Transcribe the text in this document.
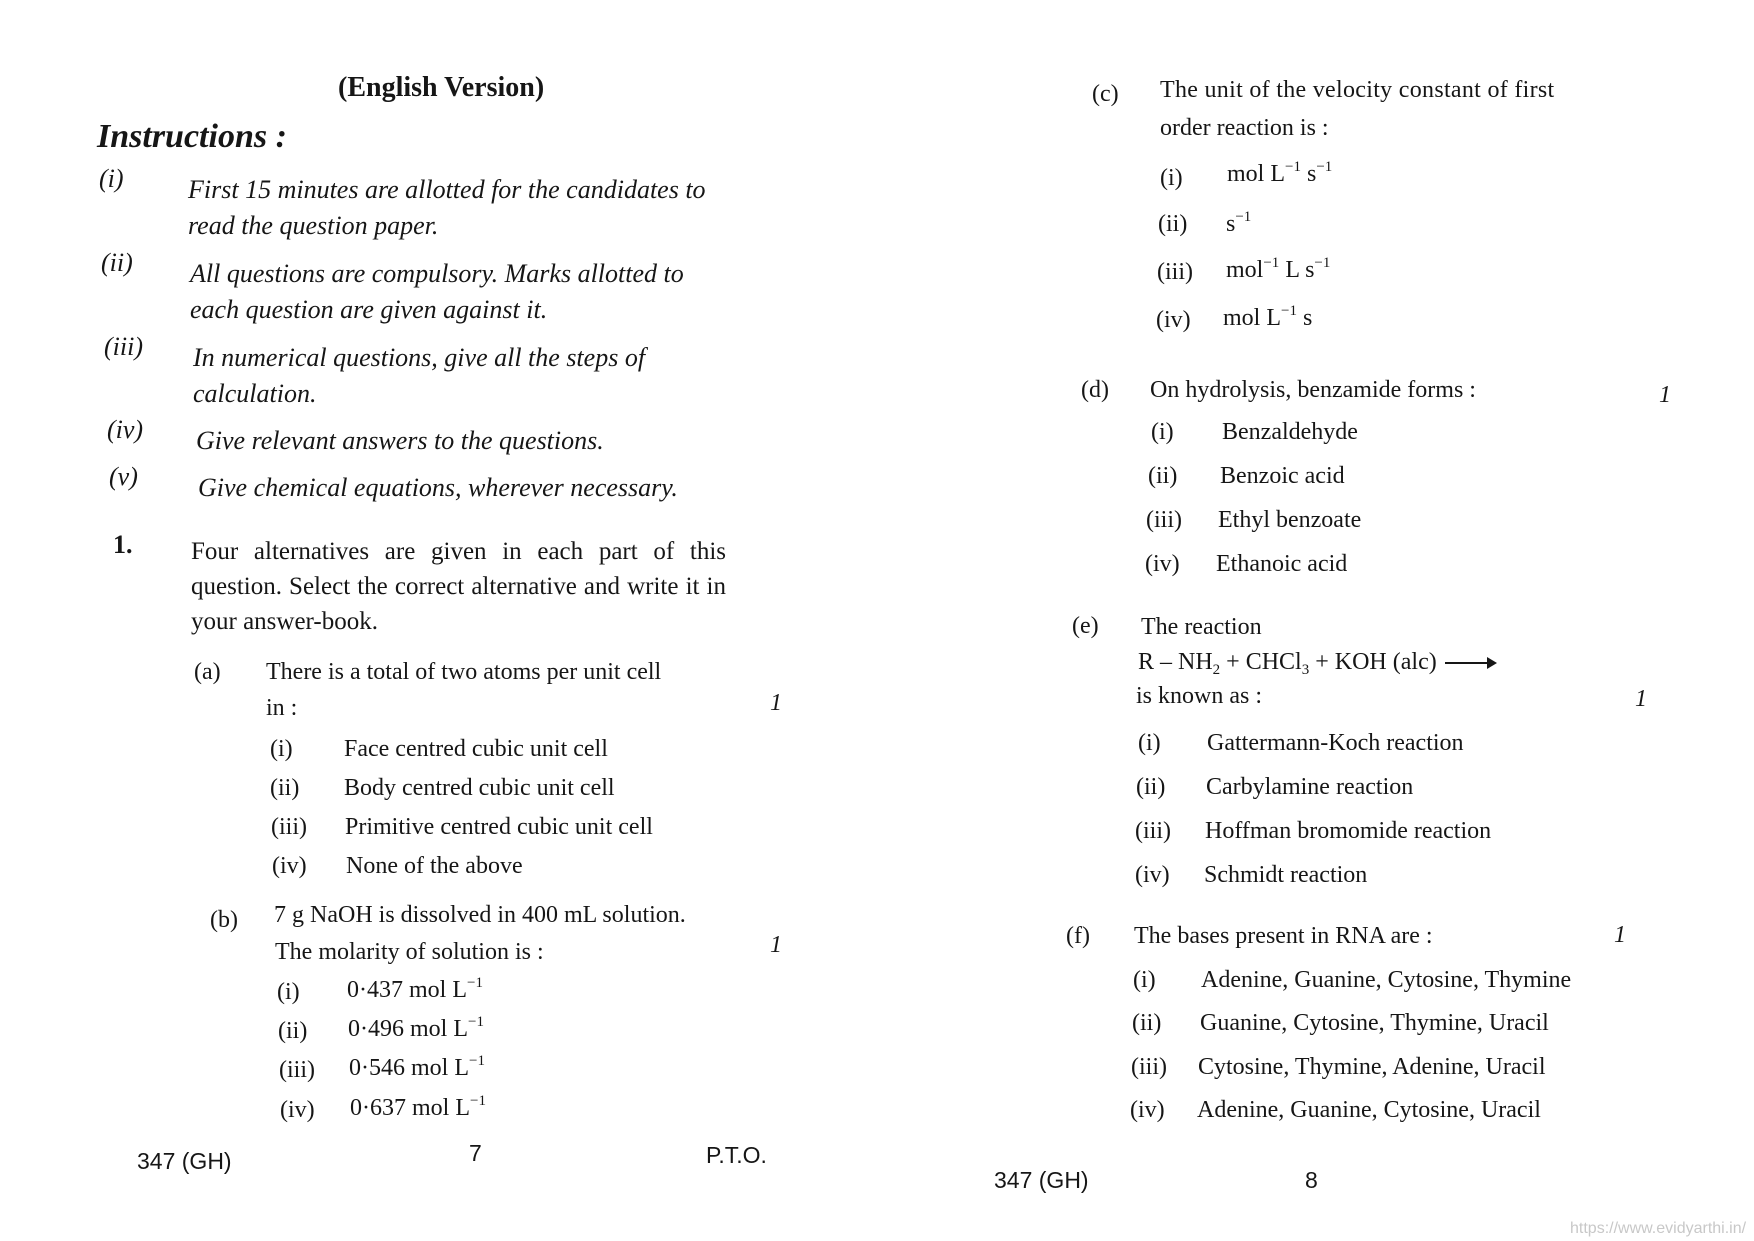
(English Version)
Instructions :
(i) First 15 minutes are allotted for the candidates to read the question paper.
(ii) All questions are compulsory. Marks allotted to each question are given against it.
(iii) In numerical questions, give all the steps of calculation.
(iv) Give relevant answers to the questions.
(v) Give chemical equations, wherever necessary.
1. Four alternatives are given in each part of this question. Select the correct alternative and write it in your answer-book.
(a) There is a total of two atoms per unit cell
in :	1
(i) Face centred cubic unit cell
(ii) Body centred cubic unit cell
(iii) Primitive centred cubic unit cell
(iv) None of the above
(b) 7 g NaOH is dissolved in 400 mL solution.
The molarity of solution is :	1
(i) 0·437 mol $L^{-1}$
(ii) 0·496 mol $L^{-1}$
(iii) 0·546 mol $L^{-1}$
(iv) 0·637 mol $L^{-1}$
347 (GH)	7	P.T.O.
(c) The unit of the velocity constant of first
order reaction is :
(i) mol $L^{-1}$ $s^{-1}$
(ii) $s^{-1}$
(iii) mol$^{-1}$ L $s^{-1}$
(iv) mol $L^{-1}$ s
(d) On hydrolysis, benzamide forms :	1
(i) Benzaldehyde
(ii) Benzoic acid
(iii) Ethyl benzoate
(iv) Ethanoic acid
(e) The reaction
R – $NH_2$ + CHCl$_3$ + KOH (alc) →
is known as :	1
(i) Gattermann-Koch reaction
(ii) Carbylamine reaction
(iii) Hoffman bromomide reaction
(iv) Schmidt reaction
(f) The bases present in RNA are :	1
(i) Adenine, Guanine, Cytosine, Thymine
(ii) Guanine, Cytosine, Thymine, Uracil
(iii) Cytosine, Thymine, Adenine, Uracil
(iv) Adenine, Guanine, Cytosine, Uracil
347 (GH)	8
https://www.evidyarthi.in/
